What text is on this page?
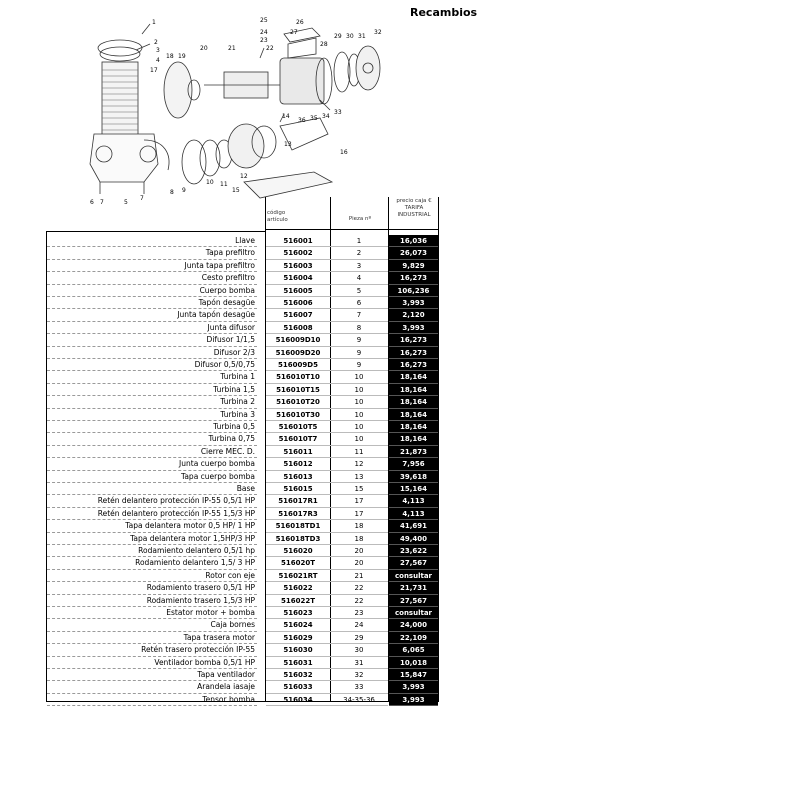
Recambios
1
2
3
4
5
6 7
7
8 9
10 11
12
13
14
15
16
17
18 19
20	21	22
23
24
25	26
27
28
29 30 31
32
33
34
35
36
código
artículo	Pieza nº
precio caja €
TARIFA
INDUSTRIAL
Llave	516001	1	16,036
Tapa prefiltro	516002	2	26,073
Junta tapa prefiltro	516003	3	9,829
Cesto prefiltro	516004	4	16,273
Cuerpo bomba	516005	5	106,236
Tapón desagüe	516006	6	3,993
Junta tapón desagüe	516007	7	2,120
Junta difusor	516008	8	3,993
Difusor 1/1,5	516009D10	9	16,273
Difusor 2/3	516009D20	9	16,273
Difusor 0,5/0,75	516009D5	9	16,273
Turbina 1	516010T10	10	18,164
Turbina 1,5	516010T15	10	18,164
Turbina 2	516010T20	10	18,164
Turbina 3	516010T30	10	18,164
Turbina 0,5	516010T5	10	18,164
Turbina 0,75	516010T7	10	18,164
Cierre MEC. D.	516011	11	21,873
Junta cuerpo bomba	516012	12	7,956
Tapa cuerpo bomba	516013	13	39,618
Base	516015	15	15,164
Retén delantero protección IP-55 0,5/1 HP	516017R1	17	4,113
Retén delantero protección IP-55 1,5/3 HP	516017R3	17	4,113
Tapa delantera motor 0,5 HP/ 1 HP	516018TD1	18	41,691
Tapa delantera motor 1,5HP/3 HP	516018TD3	18	49,400
Rodamiento delantero 0,5/1 hp	516020	20	23,622
Rodamiento delantero 1,5/ 3 HP	516020T	20	27,567
Rotor con eje	516021RT	21	consultar
Rodamiento trasero 0,5/1 HP	516022	22	21,731
Rodamiento trasero 1,5/3 HP	516022T	22	27,567
Estator motor + bomba	516023	23	consultar
Caja bornes	516024	24	24,000
Tapa trasera motor	516029	29	22,109
Retén trasero protección IP-55	516030	30	6,065
Ventilador bomba 0,5/1 HP	516031	31	10,018
Tapa ventilador	516032	32	15,847
Arandela iasaje	516033	33	3,993
Tensor bomba	516034	34-35-36	3,993
